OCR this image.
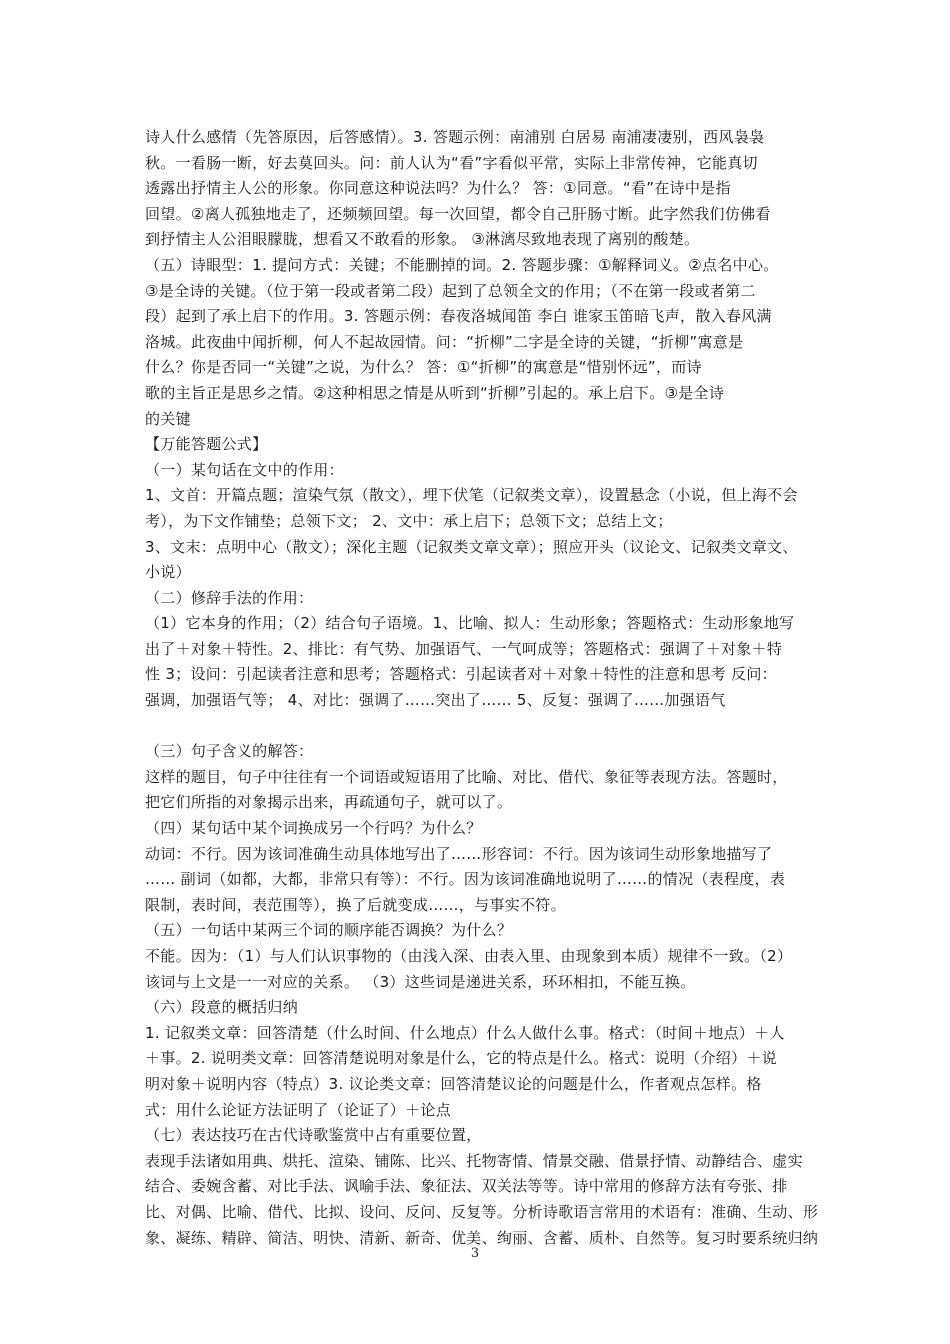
诗人什么感情（先答原因，后答感情）。3. 答题示例：南浦别 白居易 南浦凄凄别，西风袅袅
秋。一看肠一断，好去莫回头。问：前人认为“看”字看似平常，实际上非常传神，它能真切
透露出抒情主人公的形象。你同意这种说法吗？为什么？ 答：①同意。“看”在诗中是指
回望。②离人孤独地走了，还频频回望。每一次回望，都令自己肝肠寸断。此字然我们仿佛看
到抒情主人公泪眼朦胧，想看又不敢看的形象。 ③淋漓尽致地表现了离别的酸楚。
（五）诗眼型：1. 提问方式：关键；不能删掉的词。2. 答题步骤：①解释词义。②点名中心。
③是全诗的关键。（位于第一段或者第二段）起到了总领全文的作用；（不在第一段或者第二
段）起到了承上启下的作用。3. 答题示例：春夜洛城闻笛 李白 谁家玉笛暗飞声，散入春风满
洛城。此夜曲中闻折柳，何人不起故园情。问：“折柳”二字是全诗的关键，“折柳”寓意是
什么？你是否同一“关键”之说，为什么？ 答：①“折柳”的寓意是“惜别怀远”，而诗
歌的主旨正是思乡之情。②这种相思之情是从听到“折柳”引起的。承上启下。③是全诗
的关键
【万能答题公式】
（一）某句话在文中的作用：
1、文首：开篇点题；渲染气氛（散文），埋下伏笔（记叙类文章），设置悬念（小说，但上海不会
考），为下文作铺垫；总领下文； 2、文中：承上启下；总领下文；总结上文；
3、文末：点明中心（散文）；深化主题（记叙类文章文章）；照应开头（议论文、记叙类文章文、
小说）
（二）修辞手法的作用：
（1）它本身的作用；（2）结合句子语境。1、比喻、拟人：生动形象；答题格式：生动形象地写
出了＋对象＋特性。2、排比：有气势、加强语气、一气呵成等；答题格式：强调了＋对象＋特
性 3；设问：引起读者注意和思考；答题格式：引起读者对＋对象＋特性的注意和思考 反问：
强调，加强语气等； 4、对比：强调了……突出了…… 5、反复：强调了……加强语气
（三）句子含义的解答：
这样的题目，句子中往往有一个词语或短语用了比喻、对比、借代、象征等表现方法。答题时，
把它们所指的对象揭示出来，再疏通句子，就可以了。
（四）某句话中某个词换成另一个行吗？为什么？
动词：不行。因为该词准确生动具体地写出了……形容词：不行。因为该词生动形象地描写了
…… 副词（如都，大都，非常只有等）：不行。因为该词准确地说明了……的情况（表程度，表
限制，表时间，表范围等），换了后就变成……，与事实不符。
（五）一句话中某两三个词的顺序能否调换？为什么？
不能。因为：（1）与人们认识事物的（由浅入深、由表入里、由现象到本质）规律不一致。（2）
该词与上文是一一对应的关系。 （3）这些词是递进关系，环环相扣，不能互换。
（六）段意的概括归纳
1. 记叙类文章：回答清楚（什么时间、什么地点）什么人做什么事。格式：（时间＋地点）＋人
＋事。2. 说明类文章：回答清楚说明对象是什么，它的特点是什么。格式：说明（介绍）＋说
明对象＋说明内容（特点）3. 议论类文章：回答清楚议论的问题是什么，作者观点怎样。格
式：用什么论证方法证明了（论证了）＋论点
（七）表达技巧在古代诗歌鉴赏中占有重要位置，
表现手法诸如用典、烘托、渲染、铺陈、比兴、托物寄情、情景交融、借景抒情、动静结合、虚实
结合、委婉含蓄、对比手法、讽喻手法、象征法、双关法等等。诗中常用的修辞方法有夸张、排
比、对偶、比喻、借代、比拟、设问、反问、反复等。分析诗歌语言常用的术语有：准确、生动、形
象、凝练、精辟、简洁、明快、清新、新奇、优美、绚丽、含蓄、质朴、自然等。复习时要系统归纳
3
